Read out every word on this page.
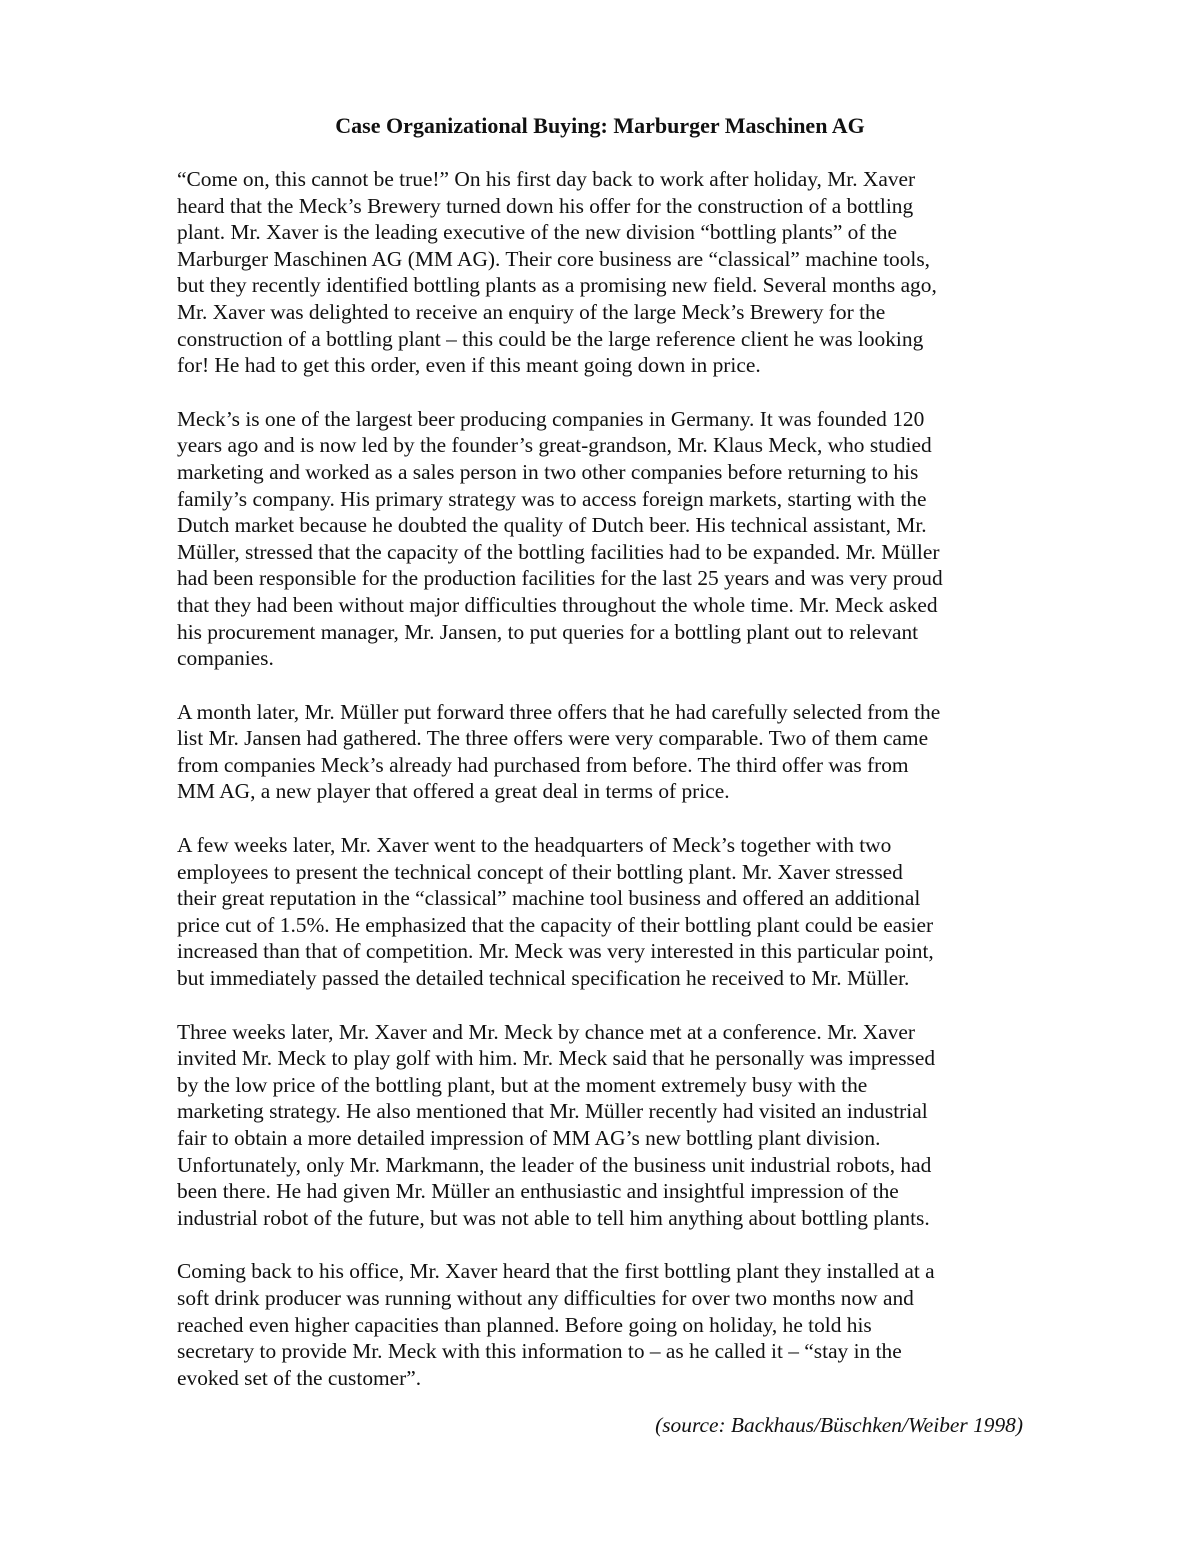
Case Organizational Buying: Marburger Maschinen AG

“Come on, this cannot be true!” On his first day back to work after holiday, Mr. Xaver
heard that the Meck’s Brewery turned down his offer for the construction of a bottling
plant. Mr. Xaver is the leading executive of the new division “bottling plants” of the
Marburger Maschinen AG (MM AG). Their core business are “classical” machine tools,
but they recently identified bottling plants as a promising new field. Several months ago,
Mr. Xaver was delighted to receive an enquiry of the large Meck’s Brewery for the
construction of a bottling plant – this could be the large reference client he was looking
for! He had to get this order, even if this meant going down in price.

Meck’s is one of the largest beer producing companies in Germany. It was founded 120
years ago and is now led by the founder’s great-grandson, Mr. Klaus Meck, who studied
marketing and worked as a sales person in two other companies before returning to his
family’s company. His primary strategy was to access foreign markets, starting with the
Dutch market because he doubted the quality of Dutch beer. His technical assistant, Mr.
Müller, stressed that the capacity of the bottling facilities had to be expanded. Mr. Müller
had been responsible for the production facilities for the last 25 years and was very proud
that they had been without major difficulties throughout the whole time. Mr. Meck asked
his procurement manager, Mr. Jansen, to put queries for a bottling plant out to relevant
companies.

A month later, Mr. Müller put forward three offers that he had carefully selected from the
list Mr. Jansen had gathered. The three offers were very comparable. Two of them came
from companies Meck’s already had purchased from before. The third offer was from
MM AG, a new player that offered a great deal in terms of price.

A few weeks later, Mr. Xaver went to the headquarters of Meck’s together with two
employees to present the technical concept of their bottling plant. Mr. Xaver stressed
their great reputation in the “classical” machine tool business and offered an additional
price cut of 1.5%. He emphasized that the capacity of their bottling plant could be easier
increased than that of competition. Mr. Meck was very interested in this particular point,
but immediately passed the detailed technical specification he received to Mr. Müller.

Three weeks later, Mr. Xaver and Mr. Meck by chance met at a conference. Mr. Xaver
invited Mr. Meck to play golf with him. Mr. Meck said that he personally was impressed
by the low price of the bottling plant, but at the moment extremely busy with the
marketing strategy. He also mentioned that Mr. Müller recently had visited an industrial
fair to obtain a more detailed impression of MM AG’s new bottling plant division.
Unfortunately, only Mr. Markmann, the leader of the business unit industrial robots, had
been there. He had given Mr. Müller an enthusiastic and insightful impression of the
industrial robot of the future, but was not able to tell him anything about bottling plants.

Coming back to his office, Mr. Xaver heard that the first bottling plant they installed at a
soft drink producer was running without any difficulties for over two months now and
reached even higher capacities than planned. Before going on holiday, he told his
secretary to provide Mr. Meck with this information to – as he called it – “stay in the
evoked set of the customer”.

(source: Backhaus/Büschken/Weiber 1998)
